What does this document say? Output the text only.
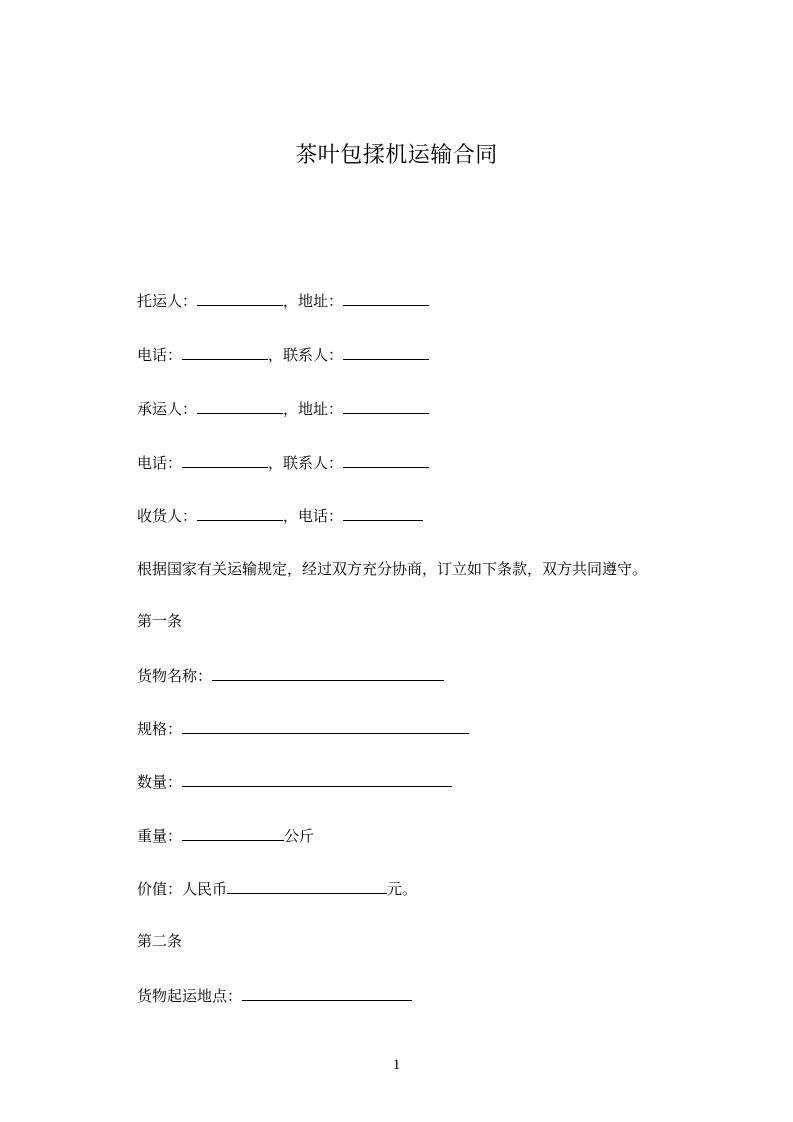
茶叶包揉机运输合同
托运人：	，地址：
电话：	，联系人：
承运人：	，地址：
电话：	，联系人：
收货人：	，电话：
根据国家有关运输规定，经过双方充分协商，订立如下条款，双方共同遵守。
第一条
货物名称：
规格：
数量：
重量：	公斤
价值：人民币	元。
第二条
货物起运地点：
1
